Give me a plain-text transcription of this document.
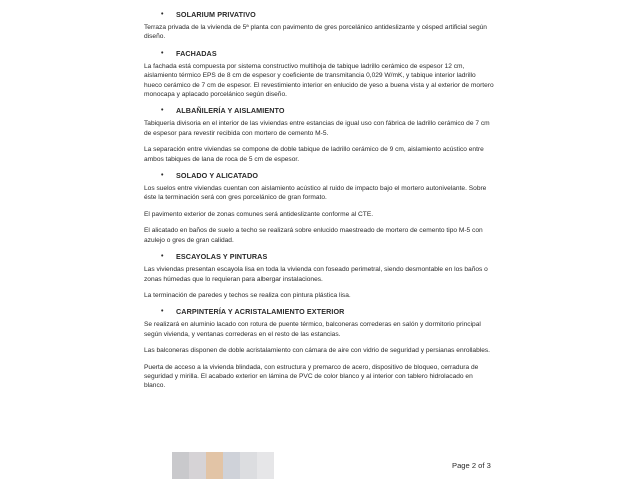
•	SOLARIUM PRIVATIVO

Terraza privada de la vivienda de 5ª planta con pavimento de gres porcelánico antideslizante y césped artificial según diseño.

•	FACHADAS

La fachada está compuesta por sistema constructivo multihoja de tabique ladrillo cerámico de espesor 12 cm, aislamiento térmico EPS de 8 cm de espesor y coeficiente de transmitancia 0,029 W/mK, y tabique interior ladrillo hueco cerámico de 7 cm de espesor. El revestimiento interior en enlucido de yeso a buena vista y al exterior de mortero monocapa y aplacado porcelánico según diseño.

•	ALBAÑILERÍA Y AISLAMIENTO

Tabiquería divisoria en el interior de las viviendas entre estancias de igual uso con fábrica de ladrillo cerámico de 7 cm de espesor para revestir recibida con mortero de cemento M-5.

La separación entre viviendas se compone de doble tabique de ladrillo cerámico de 9 cm, aislamiento acústico entre ambos tabiques de lana de roca de 5 cm de espesor.

•	SOLADO Y ALICATADO

Los suelos entre viviendas cuentan con aislamiento acústico al ruido de impacto bajo el mortero autonivelante. Sobre éste la terminación será con gres porcelánico de gran formato.

El pavimento exterior de zonas comunes será antideslizante conforme al CTE.

El alicatado en baños de suelo a techo se realizará sobre enlucido maestreado de mortero de cemento tipo M-5 con azulejo o gres de gran calidad.

•	ESCAYOLAS Y PINTURAS

Las viviendas presentan escayola lisa en toda la vivienda con foseado perimetral, siendo desmontable en los baños o zonas húmedas que lo requieran para albergar instalaciones.

La terminación de paredes y techos se realiza con pintura plástica lisa.

•	CARPINTERÍA Y ACRISTALAMIENTO EXTERIOR

Se realizará en aluminio lacado con rotura de puente térmico, balconeras correderas en salón y dormitorio principal según vivienda, y ventanas correderas en el resto de las estancias.

Las balconeras disponen de doble acristalamiento con cámara de aire con vidrio de seguridad y persianas enrollables.

Puerta de acceso a la vivienda blindada, con estructura y premarco de acero, dispositivo de bloqueo, cerradura de seguridad y mirilla. El acabado exterior en lámina de PVC de color blanco y al interior con tablero hidrolacado en blanco.

Page 2 of 3
